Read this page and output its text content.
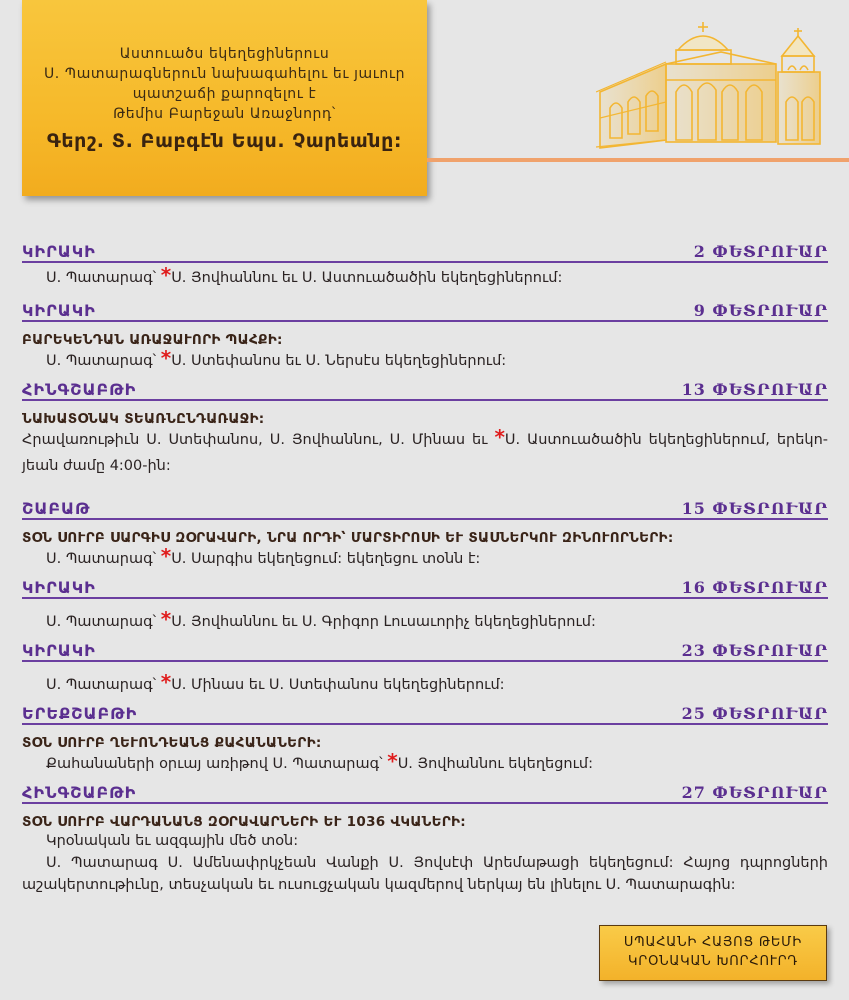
Աստուածս եկեղեցիներուս
Ս. Պատարագներուն նախագահելու եւ յաւուր
պատշաճի քարոզելու է
Թեմիս Բարեջան Առաջնորդ՝
Գերշ. Տ. Բաբգէն Եպս. Չարեանը:
ԿԻՐԱԿԻ	2 ՓԵՏՐՈՒԱՐ
Ս. Պատարագ՝ *Ս. Յովհաննու եւ Ս. Աստուածածին եկեղեցիներում:
ԿԻՐԱԿԻ	9 ՓԵՏՐՈՒԱՐ
ԲԱՐԵԿԵՆԴԱՆ ԱՌԱՋԱՒՈՐԻ ՊԱՀՔԻ:
Ս. Պատարագ՝ *Ս. Ստեփանոս եւ Ս. Ներսէս եկեղեցիներում:
ՀԻՆԳՇԱԲԹԻ	13 ՓԵՏՐՈՒԱՐ
ՆԱԽԱՏՕՆԱԿ ՏԵԱՌՆԸՆԴԱՌԱՋԻ:
Հրավառութիւն Ս. Ստեփանոս, Ս. Յովհաննու, Ս. Մինաս եւ *Ս. Աստուածածին եկեղեցիներում, երեկո-
յեան ժամը 4:00-ին:
ՇԱԲԱԹ	15 ՓԵՏՐՈՒԱՐ
ՏՕՆ ՍՈՒՐԲ ՍԱՐԳԻՍ ԶՕՐԱՎԱՐԻ, ՆՐԱ ՈՐԴԻ՝ ՄԱՐՏԻՐՈՍԻ ԵՒ ՏԱՍՆԵՐԿՈՒ ԶԻՆՈՒՈՐՆԵՐԻ:
Ս. Պատարագ՝ *Ս. Սարգիս եկեղեցում: եկեղեցու տօնն է:
ԿԻՐԱԿԻ	16 ՓԵՏՐՈՒԱՐ
Ս. Պատարագ՝ *Ս. Յովհաննու եւ Ս. Գրիգոր Լուսաւորիչ եկեղեցիներում:
ԿԻՐԱԿԻ	23 ՓԵՏՐՈՒԱՐ
Ս. Պատարագ՝ *Ս. Մինաս եւ Ս. Ստեփանոս եկեղեցիներում:
ԵՐԵՔՇԱԲԹԻ	25 ՓԵՏՐՈՒԱՐ
ՏՕՆ ՍՈՒՐԲ ՂԵՒՈՆԴԵԱՆՑ ՔԱՀԱՆԱՆԵՐԻ:
Քահանաների օրւայ առիթով Ս. Պատարագ՝ *Ս. Յովհաննու եկեղեցում:
ՀԻՆԳՇԱԲԹԻ	27 ՓԵՏՐՈՒԱՐ
ՏՕՆ ՍՈՒՐԲ ՎԱՐԴԱՆԱՆՑ ԶՕՐԱՎԱՐՆԵՐԻ ԵՒ 1036 ՎԿԱՆԵՐԻ:
Կրօնական եւ ազգային մեծ տօն:
Ս. Պատարագ Ս. Ամենափրկչեան Վանքի Ս. Յովսէփ Արեմաթացի եկեղեցում: Հայոց դպրոցների աշակերտութիւնը, տեսչական եւ ուսուցչական կազմերով ներկայ են լինելու Ս. Պատարագին:
ՍՊԱՀԱՆԻ ՀԱՅՈՑ ԹԵՄԻ
ԿՐՕՆԱԿԱՆ ԽՈՐՀՈՒՐԴ
